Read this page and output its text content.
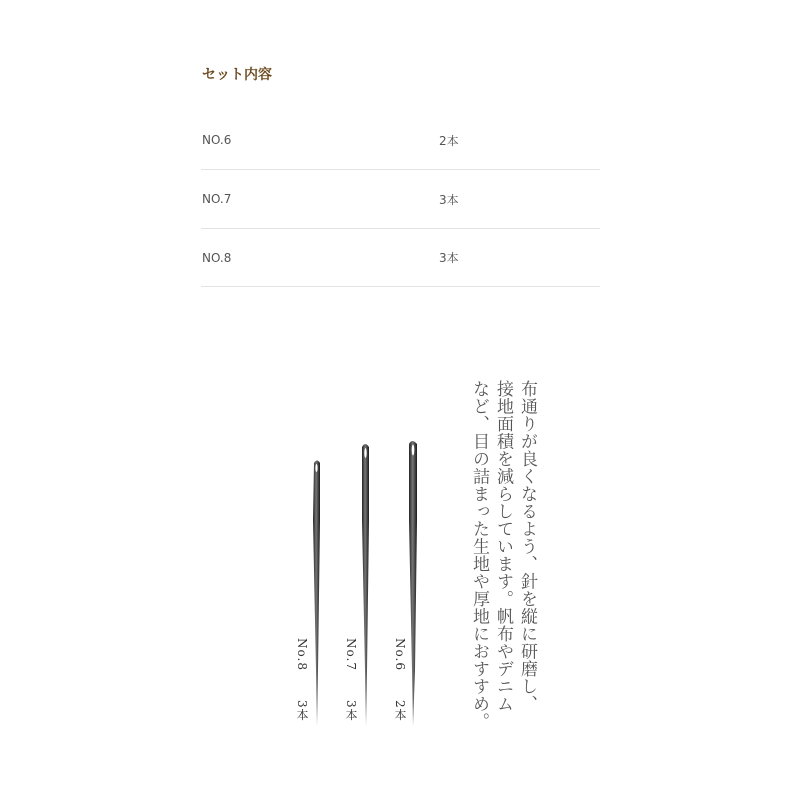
セット内容
NO.6	2本
NO.7	3本
NO.8	3本
No.8
3本
No.7
3本
No.6
2本	布通りが良くなるよう、針を縦に研磨し、

接地面積を減らしています。帆布やデニム

など、目の詰まった生地や厚地におすすめ。
